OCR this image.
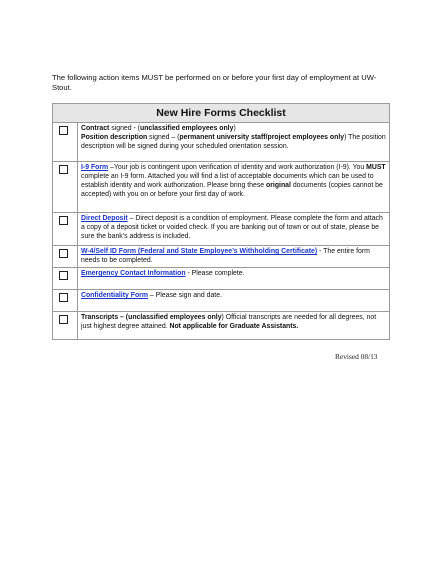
The following action items MUST be performed on or before your first day of employment at UW-Stout.
New Hire Forms Checklist
Contract signed - (unclassified employees only)
Position description signed – (permanent university staff/project employees only) The position description will be signed during your scheduled orientation session.
I-9 Form –Your job is contingent upon verification of identity and work authorization (I-9). You MUST complete an I-9 form. Attached you will find a list of acceptable documents which can be used to establish identity and work authorization. Please bring these original documents (copies cannot be accepted) with you on or before your first day of work.
Direct Deposit – Direct deposit is a condition of employment. Please complete the form and attach a copy of a deposit ticket or voided check. If you are banking out of town or out of state, please be sure the bank’s address is included.
W-4/Self ID Form (Federal and State Employee’s Withholding Certificate) - The entire form needs to be completed.
Emergency Contact Information - Please complete.
Confidentiality Form – Please sign and date.
Transcripts – (unclassified employees only) Official transcripts are needed for all degrees, not just highest degree attained. Not applicable for Graduate Assistants.
Revised 08/13
